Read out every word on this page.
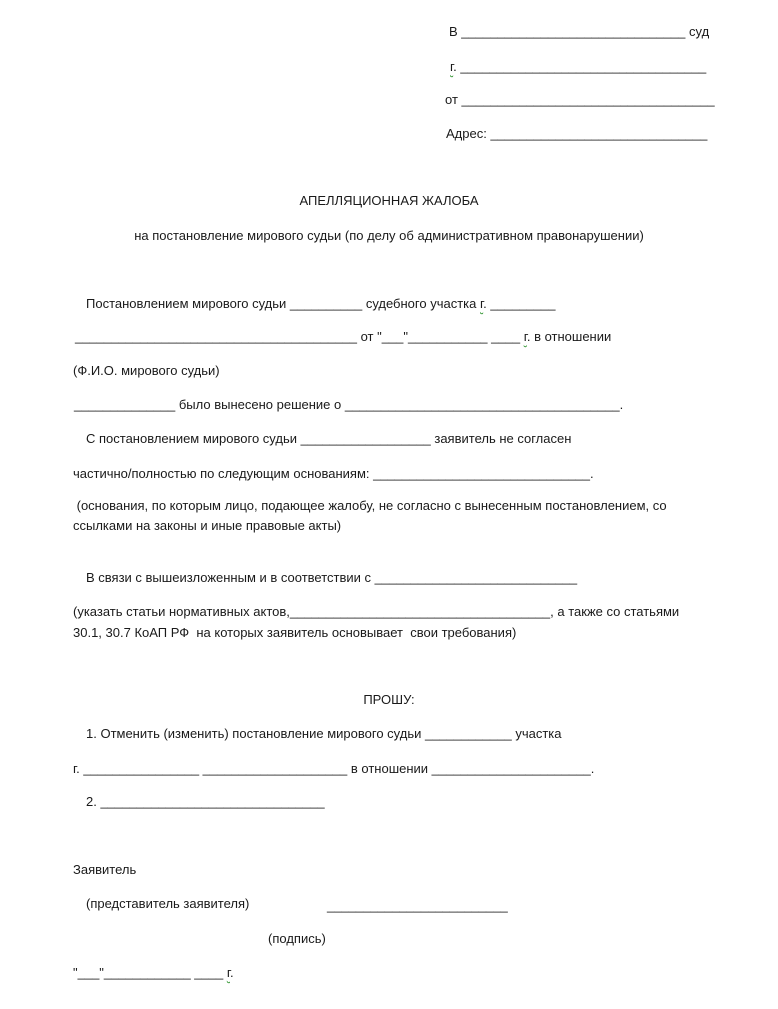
В _______________________________ суд
г. __________________________________
от ___________________________________
Адрес: ______________________________
АПЕЛЛЯЦИОННАЯ ЖАЛОБА
на постановление мирового судьи (по делу об административном правонарушении)
Постановлением мирового судьи __________ судебного участка г. _________
_______________________________________ от "___"___________ ____ г. в отношении
(Ф.И.О. мирового судьи)
______________ было вынесено решение о ______________________________________.
С постановлением мирового судьи __________________ заявитель не согласен
частично/полностью по следующим основаниям: ______________________________.
(основания, по которым лицо, подающее жалобу, не согласно с вынесенным постановлением, со
ссылками на законы и иные правовые акты)
В связи с вышеизложенным и в соответствии с ____________________________
(указать статьи нормативных актов,____________________________________, а также со статьями
30.1, 30.7 КоАП РФ  на которых заявитель основывает  свои требования)
ПРОШУ:
1. Отменить (изменить) постановление мирового судьи ____________ участка
г. ________________ ____________________ в отношении ______________________.
2. _______________________________
Заявитель
(представитель заявителя)	_________________________
(подпись)
"___"____________ ____ г.
